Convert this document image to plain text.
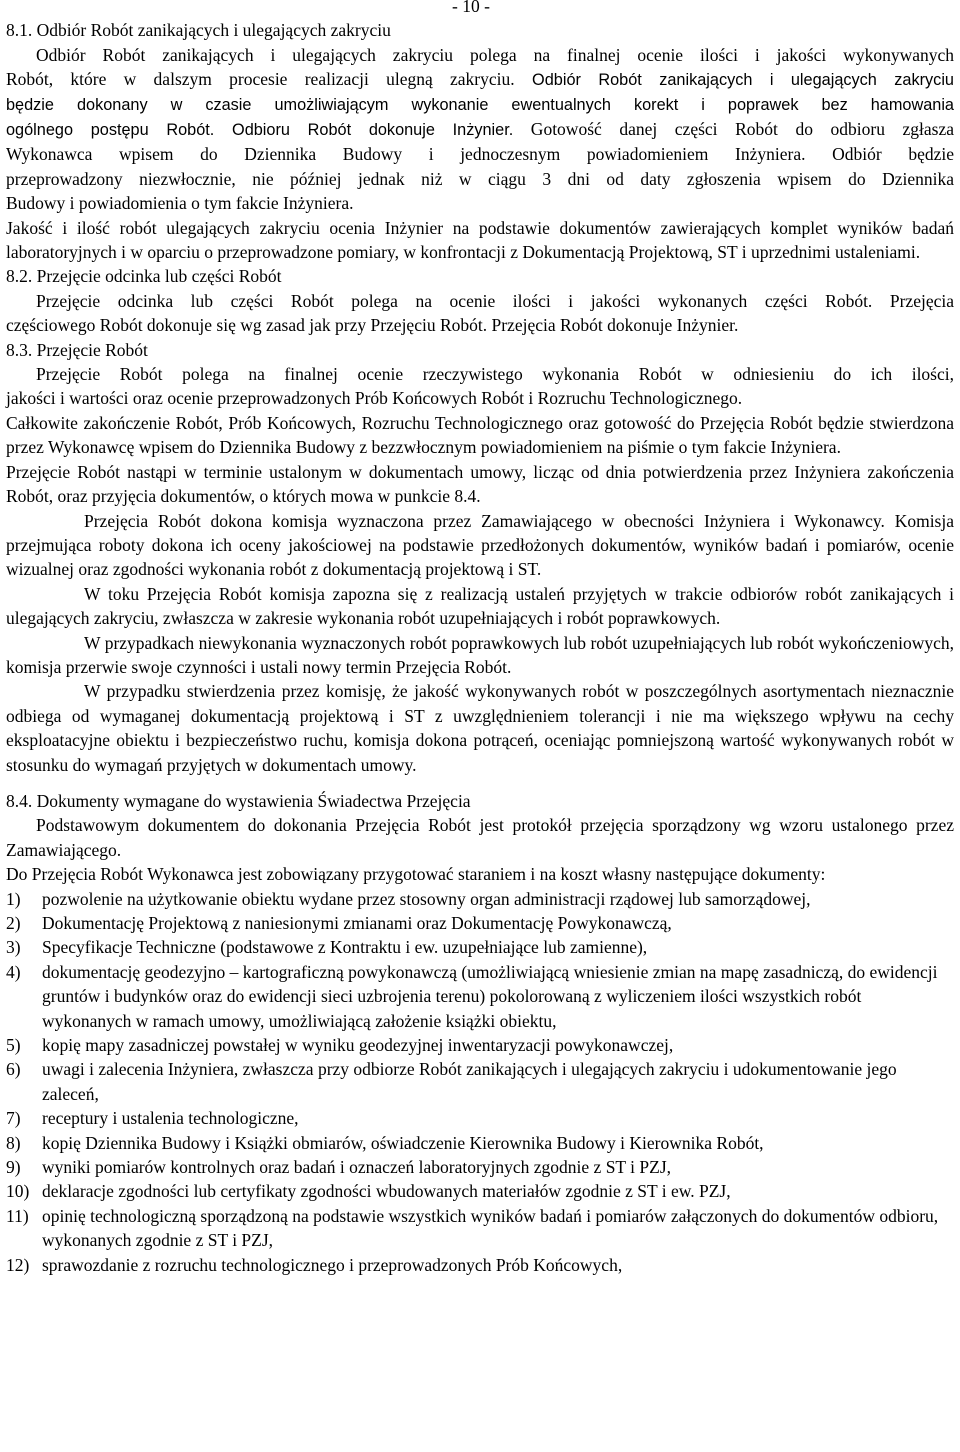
- 10 -

8.1. Odbiór Robót zanikających i ulegających zakryciu
Odbiór Robót zanikających i ulegających zakryciu polega na finalnej ocenie ilości i jakości wykonywanych
Robót, które w dalszym procesie realizacji ulegną zakryciu. Odbiór Robót zanikających i ulegających zakryciu
będzie dokonany w czasie umożliwiającym wykonanie ewentualnych korekt i poprawek bez hamowania
ogólnego postępu Robót. Odbioru Robót dokonuje Inżynier. Gotowość danej części Robót do odbioru zgłasza
Wykonawca wpisem do Dziennika Budowy i jednoczesnym powiadomieniem Inżyniera. Odbiór będzie
przeprowadzony niezwłocznie, nie później jednak niż w ciągu 3 dni od daty zgłoszenia wpisem do Dziennika
Budowy i powiadomienia o tym fakcie Inżyniera.

Jakość i ilość robót ulegających zakryciu ocenia Inżynier na podstawie dokumentów zawierających komplet wyników badań laboratoryjnych i w oparciu o przeprowadzone pomiary, w konfrontacji z Dokumentacją Projektową, ST i uprzednimi ustaleniami.

8.2. Przejęcie odcinka lub części Robót
Przejęcie odcinka lub części Robót polega na ocenie ilości i jakości wykonanych części Robót. Przejęcia
częściowego Robót dokonuje się wg zasad jak przy Przejęciu Robót. Przejęcia Robót dokonuje Inżynier.

8.3. Przejęcie Robót
Przejęcie Robót polega na finalnej ocenie rzeczywistego wykonania Robót w odniesieniu do ich ilości,
jakości i wartości oraz ocenie przeprowadzonych Prób Końcowych Robót i Rozruchu Technologicznego.

Całkowite zakończenie Robót, Prób Końcowych, Rozruchu Technologicznego oraz gotowość do Przejęcia Robót będzie stwierdzona przez Wykonawcę wpisem do Dziennika Budowy z bezzwłocznym powiadomieniem na piśmie o tym fakcie Inżyniera.

Przejęcie Robót nastąpi w terminie ustalonym w dokumentach umowy, licząc od dnia potwierdzenia przez Inżyniera zakończenia Robót, oraz przyjęcia dokumentów, o których mowa w punkcie 8.4.

Przejęcia Robót dokona komisja wyznaczona przez Zamawiającego w obecności Inżyniera i Wykonawcy. Komisja przejmująca roboty dokona ich oceny jakościowej na podstawie przedłożonych dokumentów, wyników badań i pomiarów, ocenie wizualnej oraz zgodności wykonania robót z dokumentacją projektową i ST.

W toku Przejęcia Robót komisja zapozna się z realizacją ustaleń przyjętych w trakcie odbiorów robót zanikających i ulegających zakryciu, zwłaszcza w zakresie wykonania robót uzupełniających i robót poprawkowych.

W przypadkach niewykonania wyznaczonych robót poprawkowych lub robót uzupełniających lub robót wykończeniowych, komisja przerwie swoje czynności i ustali nowy termin Przejęcia Robót.

W przypadku stwierdzenia przez komisję, że jakość wykonywanych robót w poszczególnych asortymentach nieznacznie odbiega od wymaganej dokumentacją projektową i ST z uwzględnieniem tolerancji i nie ma większego wpływu na cechy eksploatacyjne obiektu i bezpieczeństwo ruchu, komisja dokona potrąceń, oceniając pomniejszoną wartość wykonywanych robót w stosunku do wymagań przyjętych w dokumentach umowy.

8.4. Dokumenty wymagane do wystawienia Świadectwa Przejęcia

Podstawowym dokumentem do dokonania Przejęcia Robót jest protokół przejęcia sporządzony wg wzoru ustalonego przez Zamawiającego.

Do Przejęcia Robót Wykonawca jest zobowiązany przygotować staraniem i na koszt własny następujące dokumenty:

1) pozwolenie na użytkowanie obiektu wydane przez stosowny organ administracji rządowej lub samorządowej,

2) Dokumentację Projektową z naniesionymi zmianami oraz Dokumentację Powykonawczą,

3) Specyfikacje Techniczne (podstawowe z Kontraktu i ew. uzupełniające lub zamienne),

4) dokumentację geodezyjno – kartograficzną powykonawczą (umożliwiającą wniesienie zmian na mapę zasadniczą, do ewidencji gruntów i budynków oraz do ewidencji sieci uzbrojenia terenu) pokolorowaną z wyliczeniem ilości wszystkich robót wykonanych w ramach umowy, umożliwiającą założenie książki obiektu,

5) kopię mapy zasadniczej powstałej w wyniku geodezyjnej inwentaryzacji powykonawczej,

6) uwagi i zalecenia Inżyniera, zwłaszcza przy odbiorze Robót zanikających i ulegających zakryciu i udokumentowanie jego zaleceń,

7) receptury i ustalenia technologiczne,

8) kopię Dziennika Budowy i Książki obmiarów, oświadczenie Kierownika Budowy i Kierownika Robót,

9) wyniki pomiarów kontrolnych oraz badań i oznaczeń laboratoryjnych zgodnie z ST i PZJ,

10) deklaracje zgodności lub certyfikaty zgodności wbudowanych materiałów zgodnie z ST i ew. PZJ,

11) opinię technologiczną sporządzoną na podstawie wszystkich wyników badań i pomiarów załączonych do dokumentów odbioru, wykonanych zgodnie z ST i PZJ,

12) sprawozdanie z rozruchu technologicznego i przeprowadzonych Prób Końcowych,
